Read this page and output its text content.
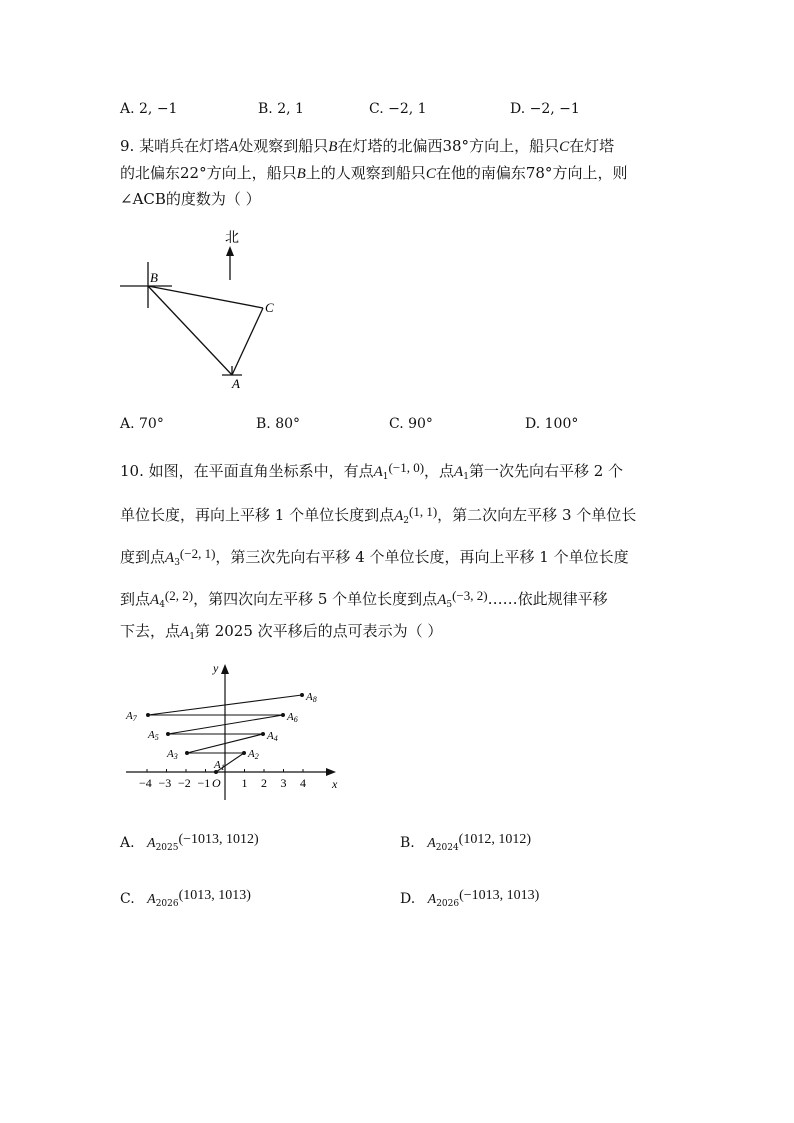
A. 2, −1	B. 2, 1	C. −2, 1	D. −2, −1
9. 某哨兵在灯塔A处观察到船只B在灯塔的北偏西38°方向上，船只C在灯塔
的北偏东22°方向上，船只B上的人观察到船只C在他的南偏东78°方向上，则
∠ACB的度数为（ ）
北
B
C
A
A. 70°	B. 80°	C. 90°	D. 100°
10. 如图，在平面直角坐标系中，有点$A_1(-1$, 0)，点$A_1$第一次先向右平移 2 个
单位长度，再向上平移 1 个单位长度到点$A_2(1$, 1)，第二次向左平移 3 个单位长
度到点$A_3(-2$, 1)，第三次先向右平移 4 个单位长度，再向上平移 1 个单位长度
到点$A_4(2$, 2)，第四次向左平移 5 个单位长度到点$A_5(-3$, 2)……依此规律平移
下去，点$A_1$第 2025 次平移后的点可表示为（ ）
x
y
O
−4 −3 −2 −1	1 2 3 4
A1
A2
A3
A4
A5
A6
A7
A8
A. $A_{2025}(-1013$, 1012)	B. $A_{2024}(1012$, 1012)
C. $A_{2026}(1013$, 1013)	D. $A_{2026}(-1013$, 1013)
